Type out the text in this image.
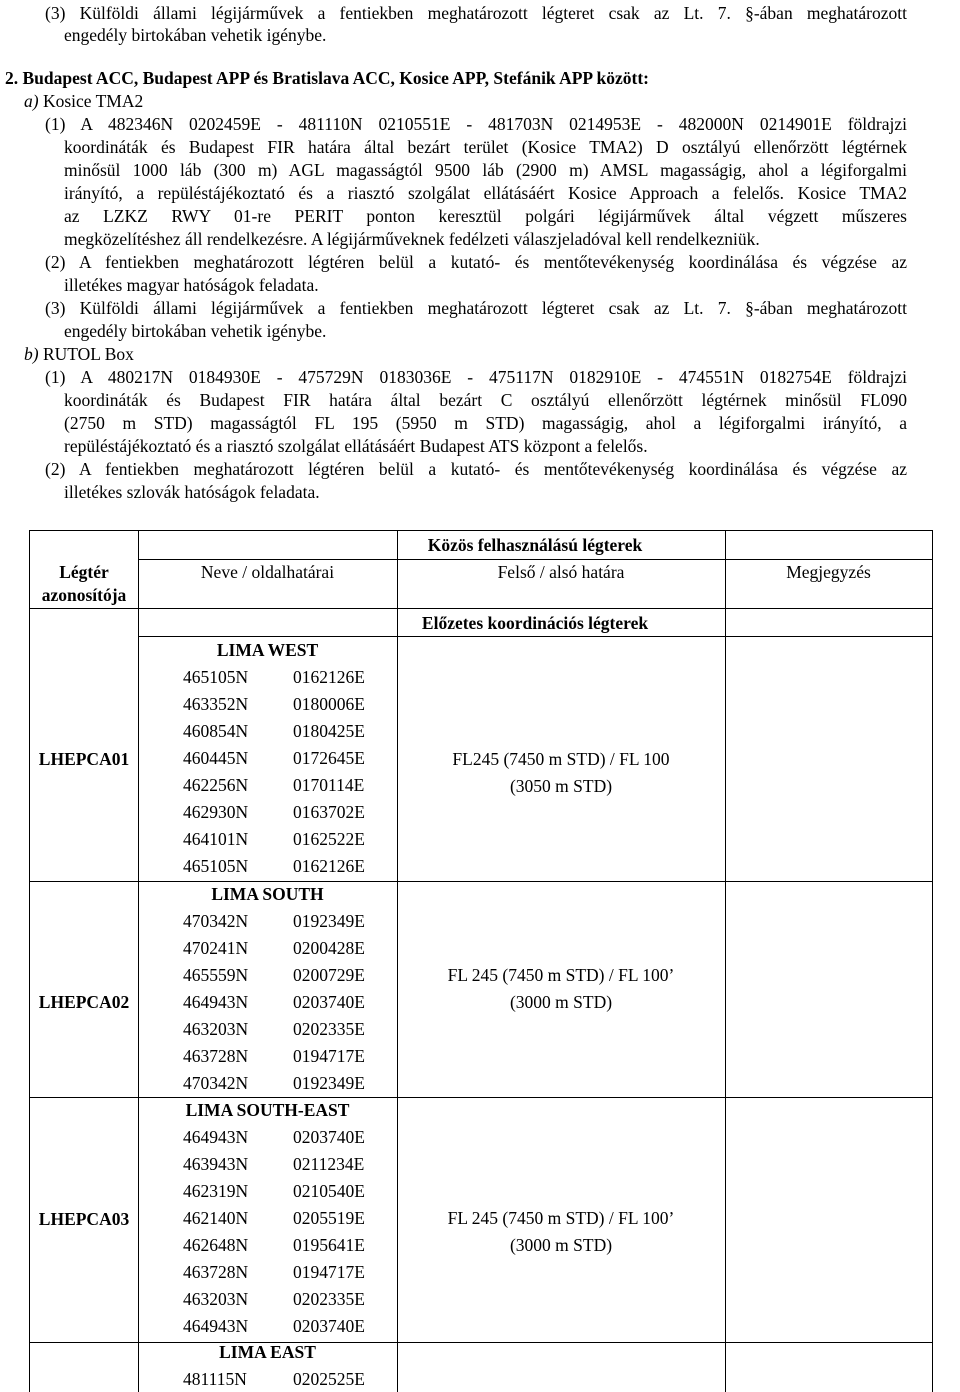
(3) Külföldi állami légijárművek a fentiekben meghatározott légteret csak az Lt. 7. §-ában meghatározott
engedély birtokában vehetik igénybe.
2. Budapest ACC, Budapest APP és Bratislava ACC, Kosice APP, Stefánik APP között:
a) Kosice TMA2
(1) A 482346N 0202459E - 481110N 0210551E - 481703N 0214953E - 482000N 0214901E földrajzi
koordináták és Budapest FIR határa által bezárt terület (Kosice TMA2) D osztályú ellenőrzött légtérnek
minősül 1000 láb (300 m) AGL magasságtól 9500 láb (2900 m) AMSL magasságig, ahol a légiforgalmi
irányító, a repüléstájékoztató és a riasztó szolgálat ellátásáért Kosice Approach a felelős. Kosice TMA2
az LZKZ RWY 01-re PERIT ponton keresztül polgári légijárművek által végzett műszeres
megközelítéshez áll rendelkezésre. A légijárműveknek fedélzeti válaszjeladóval kell rendelkezniük.
(2) A fentiekben meghatározott légtéren belül a kutató- és mentőtevékenység koordinálása és végzése az
illetékes magyar hatóságok feladata.
(3) Külföldi állami légijárművek a fentiekben meghatározott légteret csak az Lt. 7. §-ában meghatározott
engedély birtokában vehetik igénybe.
b) RUTOL Box
(1) A 480217N 0184930E - 475729N 0183036E - 475117N 0182910E - 474551N 0182754E földrajzi
koordináták és Budapest FIR határa által bezárt C osztályú ellenőrzött légtérnek minősül FL090
(2750 m STD) magasságtól FL 195 (5950 m STD) magasságig, ahol a légiforgalmi irányító, a
repüléstájékoztató és a riasztó szolgálat ellátásáért Budapest ATS központ a felelős.
(2) A fentiekben meghatározott légtéren belül a kutató- és mentőtevékenység koordinálása és végzése az
illetékes szlovák hatóságok feladata.
Közös felhasználású légterek
Légtér azonosítója
Neve / oldalhatárai	Felső / alsó határa	Megjegyzés
Előzetes koordinációs légterek
LHEPCA01
LIMA WEST
465105N	0162126E
463352N	0180006E
460854N	0180425E
460445N	0172645E
462256N	0170114E
462930N	0163702E
464101N	0162522E
465105N	0162126E
FL245 (7450 m STD) / FL 100
(3050 m STD)
LHEPCA02
LIMA SOUTH
470342N	0192349E
470241N	0200428E
465559N	0200729E
464943N	0203740E
463203N	0202335E
463728N	0194717E
470342N	0192349E
FL 245 (7450 m STD) / FL 100’
(3000 m STD)
LHEPCA03
LIMA SOUTH-EAST
464943N	0203740E
463943N	0211234E
462319N	0210540E
462140N	0205519E
462648N	0195641E
463728N	0194717E
463203N	0202335E
464943N	0203740E
FL 245 (7450 m STD) / FL 100’
(3000 m STD)
LIMA EAST
481115N	0202525E
